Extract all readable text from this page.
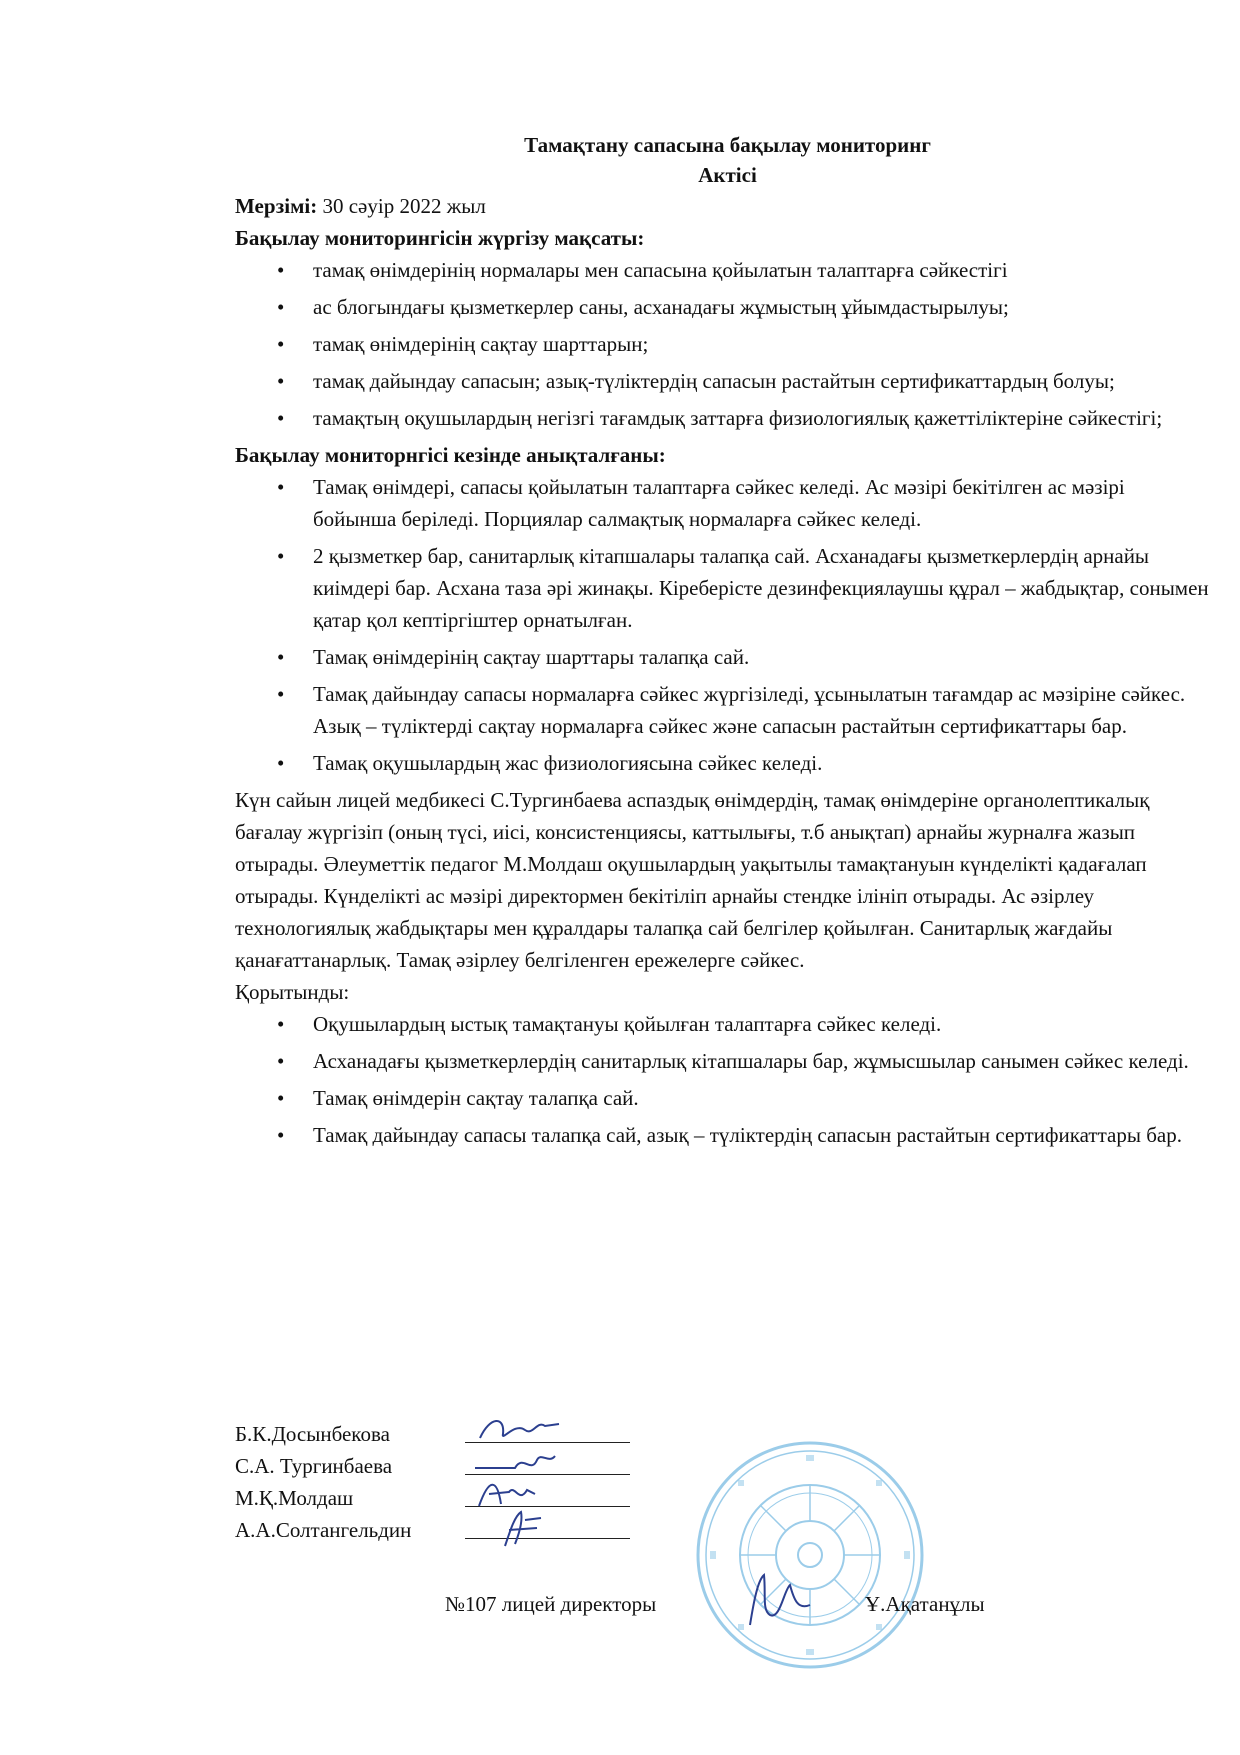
Тамақтану сапасына бақылау мониторинг

Актісі

Мерзімі: 30 сәуір 2022 жыл

Бақылау мониторингісін жүргізу мақсаты:

• тамақ өнімдерінің нормалары мен сапасына қойылатын талаптарға сәйкестігі
• ас блогындағы қызметкерлер саны, асханадағы жұмыстың ұйымдастырылуы;
• тамақ өнімдерінің сақтау шарттарын;
• тамақ дайындау сапасын; азық-түліктердің сапасын растайтын сертификаттардың болуы;
• тамақтың оқушылардың негізгі тағамдық заттарға физиологиялық қажеттіліктеріне сәйкестігі;

Бақылау мониторнгісі кезінде анықталғаны:

• Тамақ өнімдері, сапасы қойылатын талаптарға сәйкес келеді. Ас мәзірі бекітілген ас мәзірі бойынша беріледі. Порциялар салмақтық нормаларға сәйкес келеді.
• 2 қызметкер бар, санитарлық кітапшалары талапқа сай. Асханадағы қызметкерлердің арнайы киімдері бар. Асхана таза әрі жинақы. Кіреберісте дезинфекциялаушы құрал – жабдықтар, сонымен қатар қол кептіргіштер орнатылған.
• Тамақ өнімдерінің сақтау шарттары талапқа сай.
• Тамақ дайындау сапасы нормаларға сәйкес жүргізіледі, ұсынылатын тағамдар ас мәзіріне сәйкес. Азық – түліктерді сақтау нормаларға сәйкес және сапасын растайтын сертификаттары бар.
• Тамақ оқушылардың жас физиологиясына сәйкес келеді.

Күн сайын лицей медбикесі С.Тургинбаева аспаздық өнімдердің, тамақ өнімдеріне органолептикалық бағалау жүргізіп (оның түсі, иісі, консистенциясы, каттылығы, т.б анықтап) арнайы журналға жазып отырады. Әлеуметтік педагог М.Молдаш оқушылардың уақытылы тамақтануын күнделікті қадағалап отырады. Күнделікті ас мәзірі директормен бекітіліп арнайы стендке ілініп отырады. Ас әзірлеу технологиялық жабдықтары мен құралдары талапқа сай белгілер қойылған. Санитарлық жағдайы қанағаттанарлық. Тамақ әзірлеу белгіленген ережелерге сәйкес.

Қорытынды:

• Оқушылардың ыстық тамақтануы қойылған талаптарға сәйкес келеді.
• Асханадағы қызметкерлердің санитарлық кітапшалары бар, жұмысшылар санымен сәйкес келеді.
• Тамақ өнімдерін сақтау талапқа сай.
• Тамақ дайындау сапасы талапқа сай, азық – түліктердің сапасын растайтын сертификаттары бар.
Б.К.Досынбекова
С.А. Тургинбаева
М.Қ.Молдаш
А.А.Солтангельдин
№107 лицей директоры	Ұ.Ақатанұлы
